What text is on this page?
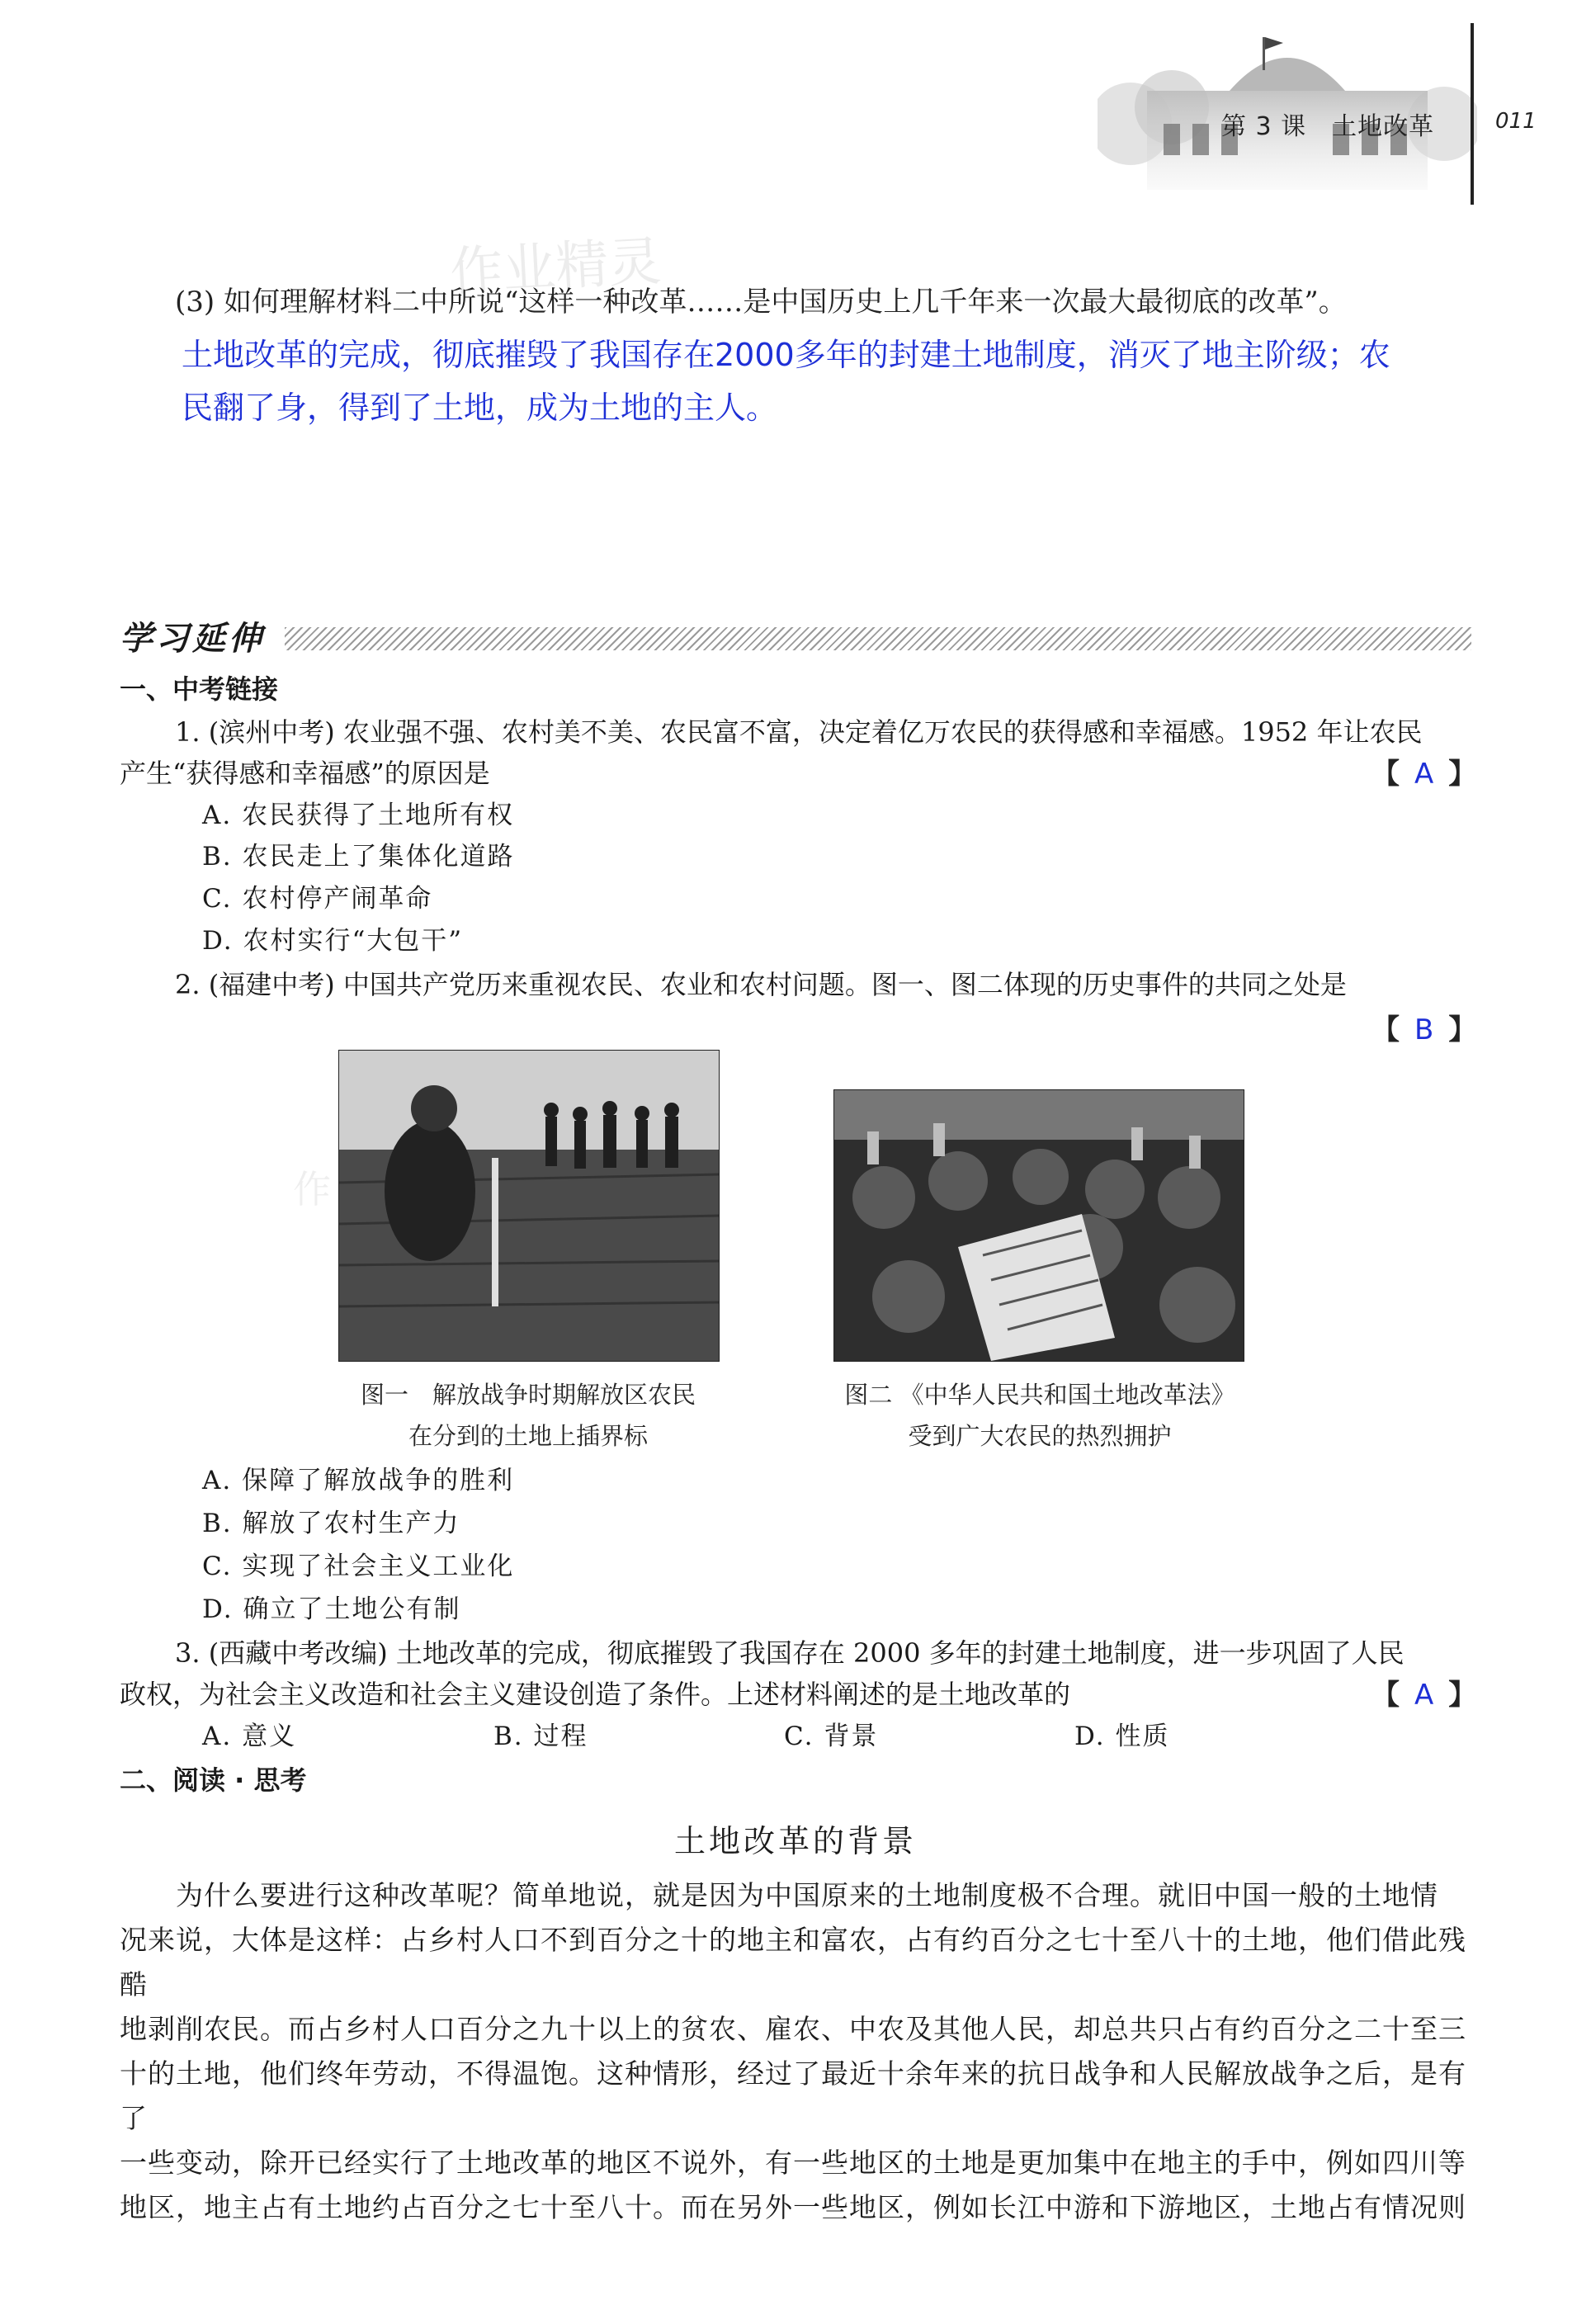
第 3 课　土地改革	011
作业精灵
(3) 如何理解材料二中所说“这样一种改革……是中国历史上几千年来一次最大最彻底的改革”。
土地改革的完成，彻底摧毁了我国存在2000多年的封建土地制度，消灭了地主阶级；农
民翻了身，得到了土地，成为土地的主人。
学习延伸
一、中考链接
1. (滨州中考) 农业强不强、农村美不美、农民富不富，决定着亿万农民的获得感和幸福感。1952 年让农民
产生“获得感和幸福感”的原因是	【 A 】
A. 农民获得了土地所有权
B. 农民走上了集体化道路
C. 农村停产闹革命
D. 农村实行“大包干”
2. (福建中考) 中国共产党历来重视农民、农业和农村问题。图一、图二体现的历史事件的共同之处是
【 B 】
图一　解放战争时期解放区农民
在分到的土地上插界标
图二 《中华人民共和国土地改革法》
受到广大农民的热烈拥护
作
A. 保障了解放战争的胜利
B. 解放了农村生产力
C. 实现了社会主义工业化
D. 确立了土地公有制
3. (西藏中考改编) 土地改革的完成，彻底摧毁了我国存在 2000 多年的封建土地制度，进一步巩固了人民
政权，为社会主义改造和社会主义建设创造了条件。上述材料阐述的是土地改革的	【 A 】
A. 意义	B. 过程	C. 背景	D. 性质
二、阅读 · 思考
土地改革的背景

　　为什么要进行这种改革呢？简单地说，就是因为中国原来的土地制度极不合理。就旧中国一般的土地情

况来说，大体是这样：占乡村人口不到百分之十的地主和富农，占有约百分之七十至八十的土地，他们借此残酷

地剥削农民。而占乡村人口百分之九十以上的贫农、雇农、中农及其他人民，却总共只占有约百分之二十至三

十的土地，他们终年劳动，不得温饱。这种情形，经过了最近十余年来的抗日战争和人民解放战争之后，是有了

一些变动，除开已经实行了土地改革的地区不说外，有一些地区的土地是更加集中在地主的手中，例如四川等

地区，地主占有土地约占百分之七十至八十。而在另外一些地区，例如长江中游和下游地区，土地占有情况则
